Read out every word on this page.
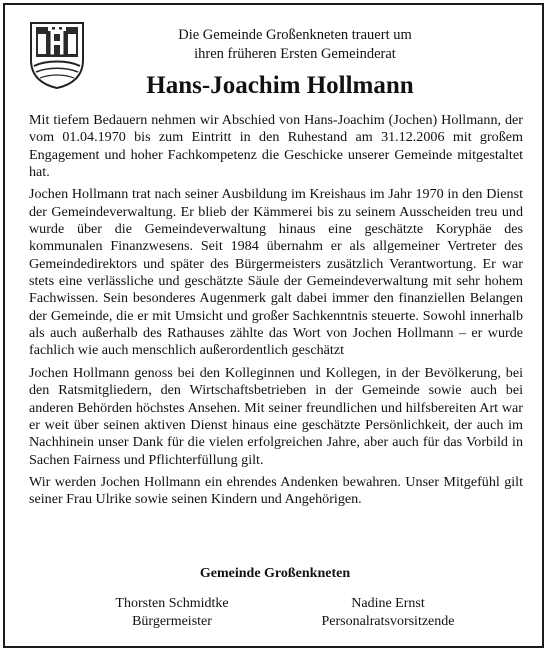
Die Gemeinde Großenkneten trauert um
ihren früheren Ersten Gemeinderat
Hans-Joachim Hollmann

Mit tiefem Bedauern nehmen wir Abschied von Hans-Joachim (Jochen) Hollmann, der vom 01.04.1970 bis zum Eintritt in den Ruhestand am 31.12.2006 mit großem Engagement und hoher Fachkompetenz die Geschicke unserer Gemeinde mitgestaltet hat.

Jochen Hollmann trat nach seiner Ausbildung im Kreishaus im Jahr 1970 in den Dienst der Gemeindeverwaltung. Er blieb der Kämmerei bis zu seinem Ausscheiden treu und wurde über die Gemeindeverwaltung hinaus eine geschätzte Koryphäe des kommunalen Finanzwesens. Seit 1984 übernahm er als allgemeiner Vertreter des Gemeindedirektors und später des Bürgermeisters zusätzlich Verantwortung. Er war stets eine verlässliche und geschätzte Säule der Gemeindeverwaltung mit sehr hohem Fachwissen. Sein besonderes Augenmerk galt dabei immer den finanziellen Belangen der Gemeinde, die er mit Umsicht und großer Sachkenntnis steuerte. Sowohl innerhalb als auch außerhalb des Rathauses zählte das Wort von Jochen Hollmann – er wurde fachlich wie auch menschlich außerordentlich geschätzt

Jochen Hollmann genoss bei den Kolleginnen und Kollegen, in der Bevölkerung, bei den Ratsmitgliedern, den Wirtschaftsbetrieben in der Gemeinde sowie auch bei anderen Behörden höchstes Ansehen. Mit seiner freundlichen und hilfsbereiten Art war er weit über seinen aktiven Dienst hinaus eine geschätzte Persönlichkeit, der auch im Nachhinein unser Dank für die vielen erfolgreichen Jahre, aber auch für das Vorbild in Sachen Fairness und Pflichterfüllung gilt.

Wir werden Jochen Hollmann ein ehrendes Andenken bewahren. Unser Mitgefühl gilt seiner Frau Ulrike sowie seinen Kindern und Angehörigen.

Gemeinde Großenkneten
Thorsten Schmidtke
Bürgermeister
Nadine Ernst
Personalratsvorsitzende
